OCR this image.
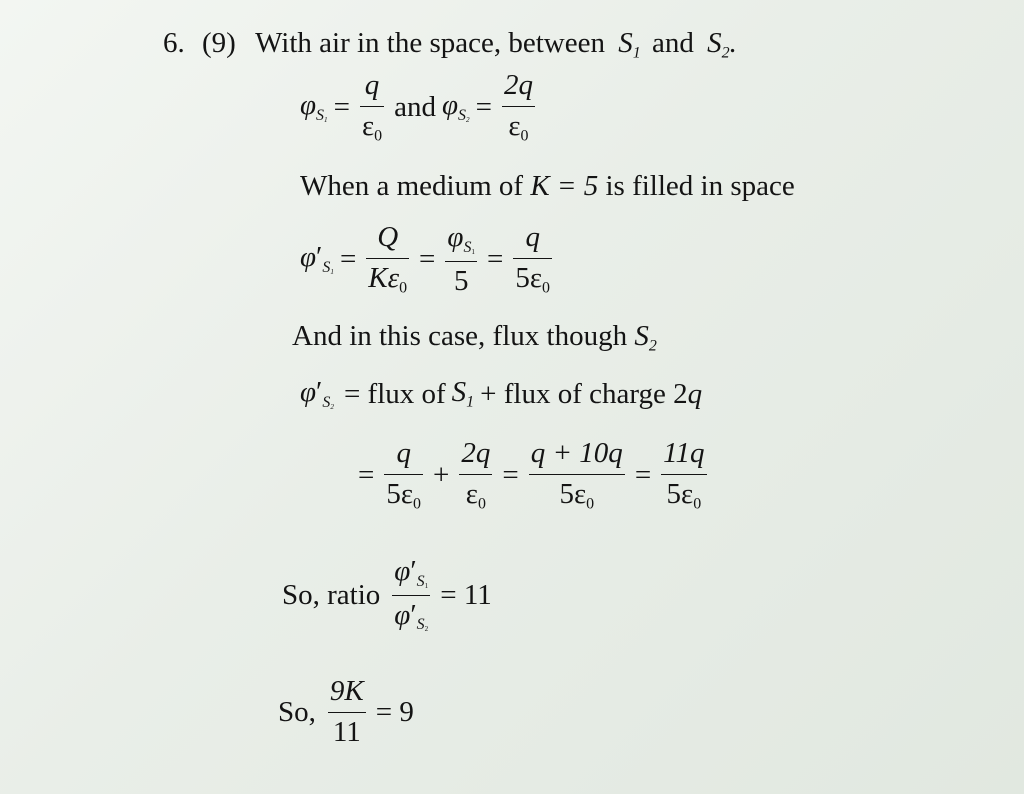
6. (9) With air in the space, between $S_1$ and $S_2$.
$\varphi_{S1} = \frac{q}{\varepsilon_0}$ and $\varphi_{S2} = \frac{2q}{\varepsilon_0}$
When a medium of K = 5 is filled in space
$\varphi'_{S1} = \frac{Q}{K\varepsilon_0} = \frac{\varphi_{S1}}{5} = \frac{q}{5\varepsilon_0}$
And in this case, flux though $S_2$
$\varphi'_{S2}$ = flux of $S_1$ + flux of charge 2 q
= $\frac{q}{5\varepsilon_0} + \frac{2q}{\varepsilon_0} = \frac{q + 10q}{5\varepsilon_0} = \frac{11q}{5\varepsilon_0}$
So, ratio $\frac{\varphi'_{S1}}{\varphi'_{S2}} = 11$
So, $\frac{9K}{11} = 9$
